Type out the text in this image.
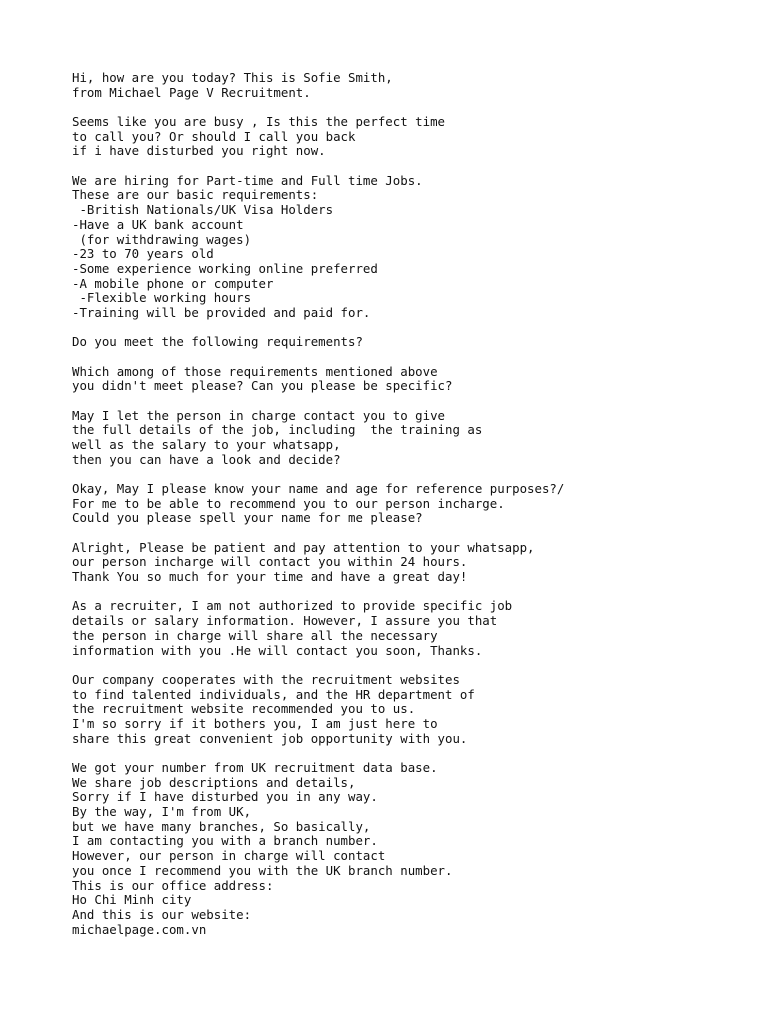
Hi, how are you today? This is Sofie Smith,
from Michael Page V Recruitment.
Seems like you are busy , Is this the perfect time
to call you? Or should I call you back
if i have disturbed you right now.
We are hiring for Part-time and Full time Jobs.
These are our basic requirements:
-British Nationals/UK Visa Holders
-Have a UK bank account
(for withdrawing wages)
-23 to 70 years old
-Some experience working online preferred
-A mobile phone or computer
-Flexible working hours
-Training will be provided and paid for.
Do you meet the following requirements?
Which among of those requirements mentioned above
you didn't meet please? Can you please be specific?
May I let the person in charge contact you to give
the full details of the job, including  the training as
well as the salary to your whatsapp,
then you can have a look and decide?
Okay, May I please know your name and age for reference purposes?/
For me to be able to recommend you to our person incharge.
Could you please spell your name for me please?
Alright, Please be patient and pay attention to your whatsapp,
our person incharge will contact you within 24 hours.
Thank You so much for your time and have a great day!
As a recruiter, I am not authorized to provide specific job
details or salary information. However, I assure you that
the person in charge will share all the necessary
information with you .He will contact you soon, Thanks.
Our company cooperates with the recruitment websites
to find talented individuals, and the HR department of
the recruitment website recommended you to us.
I'm so sorry if it bothers you, I am just here to
share this great convenient job opportunity with you.
We got your number from UK recruitment data base.
We share job descriptions and details,
Sorry if I have disturbed you in any way.
By the way, I'm from UK,
but we have many branches, So basically,
I am contacting you with a branch number.
However, our person in charge will contact
you once I recommend you with the UK branch number.
This is our office address:
Ho Chi Minh city
And this is our website:
michaelpage.com.vn
